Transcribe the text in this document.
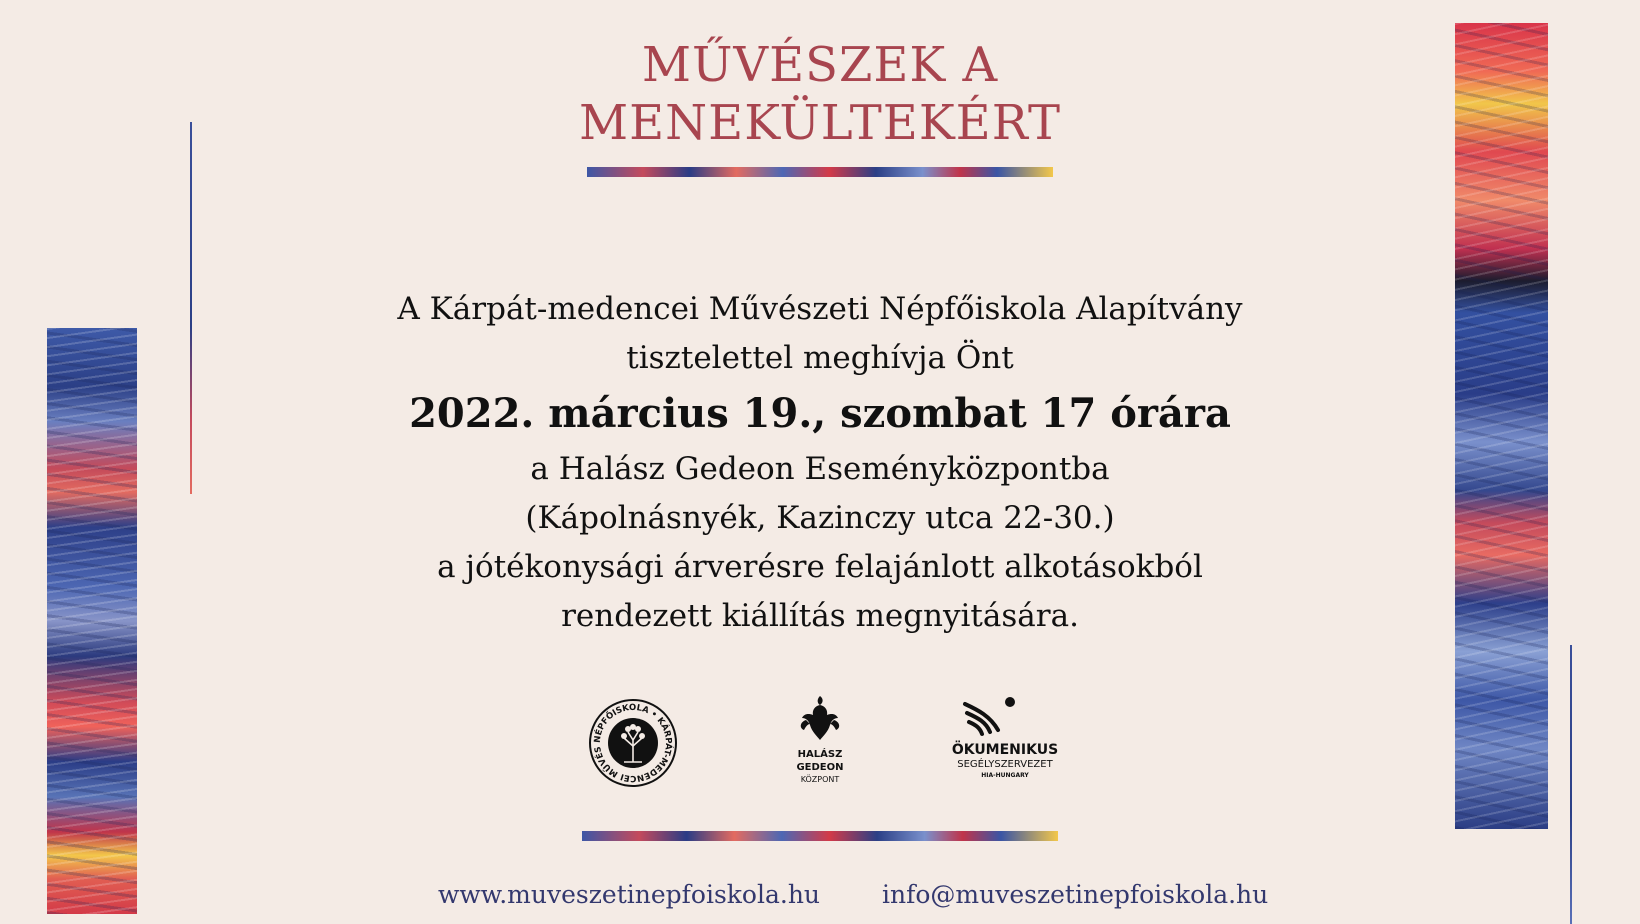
MŰVÉSZEK A
MENEKÜLTEKÉRT
A Kárpát-medencei Művészeti Népfőiskola Alapítvány
tisztelettel meghívja Önt
2022. március 19., szombat 17 órára
a Halász Gedeon Eseményközpontba
(Kápolnásnyék, Kazinczy utca 22-30.)
a jótékonysági árverésre felajánlott alkotásokból
rendezett kiállítás megnyitására.
NÉPFŐISKOLA • KÁRPÁT-MEDENCEI MŰVÉS	HALÁSZ
GEDEON
KÖZPONT
ÖKUMENIKUS
SEGÉLYSZERVEZET
HIA-HUNGARY
www.muveszetinepfoiskola.hu info@muveszetinepfoiskola.hu
